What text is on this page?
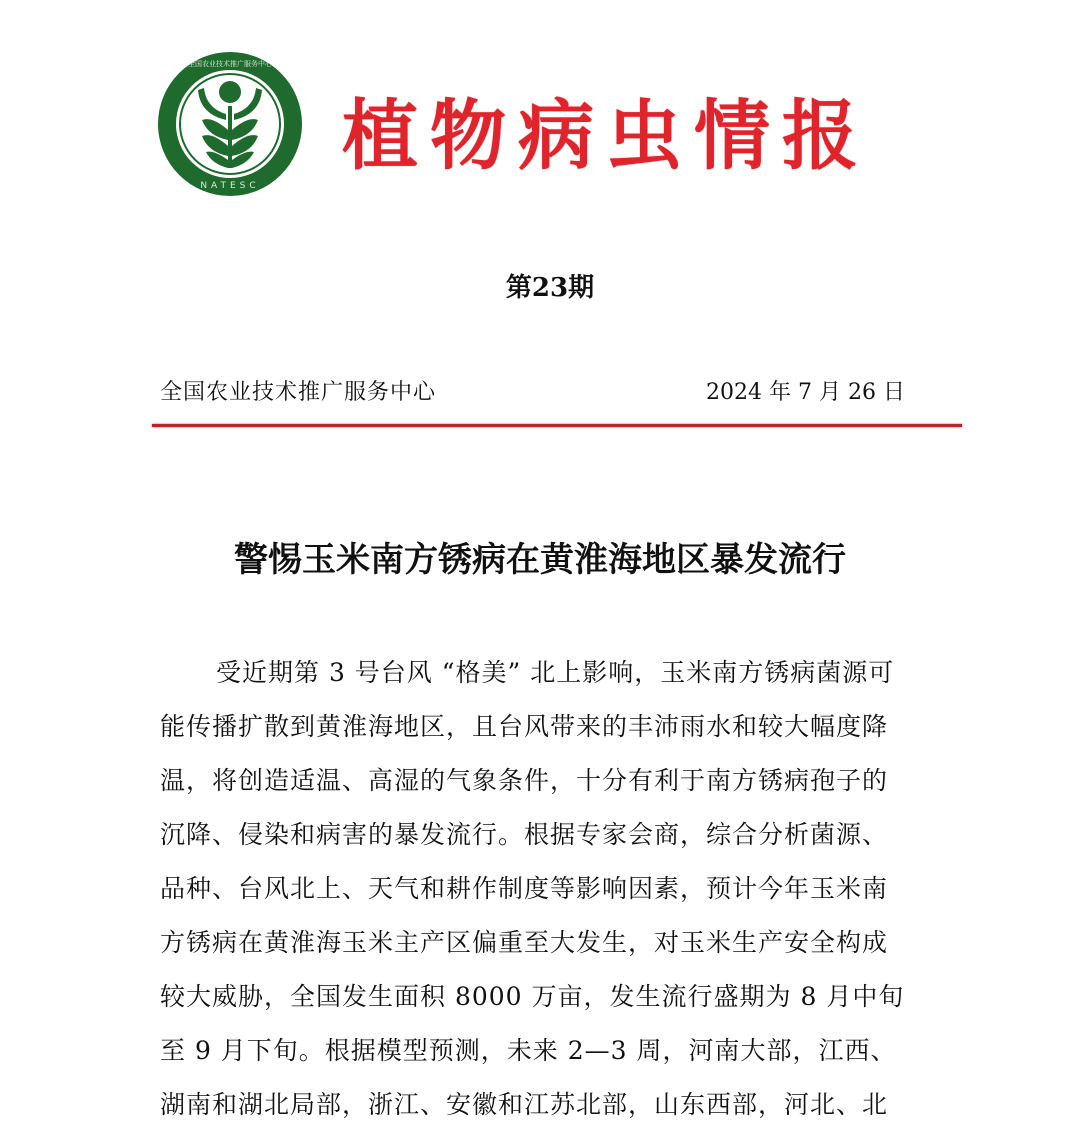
NATESC
全国农业技术推广服务中心
植物病虫情报
第23期
全国农业技术推广服务中心	2024 年 7 月 26 日
警惕玉米南方锈病在黄淮海地区暴发流行
受近期第 3 号台风 “格美” 北上影响，玉米南方锈病菌源可
能传播扩散到黄淮海地区，且台风带来的丰沛雨水和较大幅度降
温，将创造适温、高湿的气象条件，十分有利于南方锈病孢子的
沉降、侵染和病害的暴发流行。根据专家会商，综合分析菌源、
品种、台风北上、天气和耕作制度等影响因素，预计今年玉米南
方锈病在黄淮海玉米主产区偏重至大发生，对玉米生产安全构成
较大威胁，全国发生面积 8000 万亩，发生流行盛期为 8 月中旬
至 9 月下旬。根据模型预测，未来 2—3 周，河南大部，江西、
湖南和湖北局部，浙江、安徽和江苏北部，山东西部，河北、北
